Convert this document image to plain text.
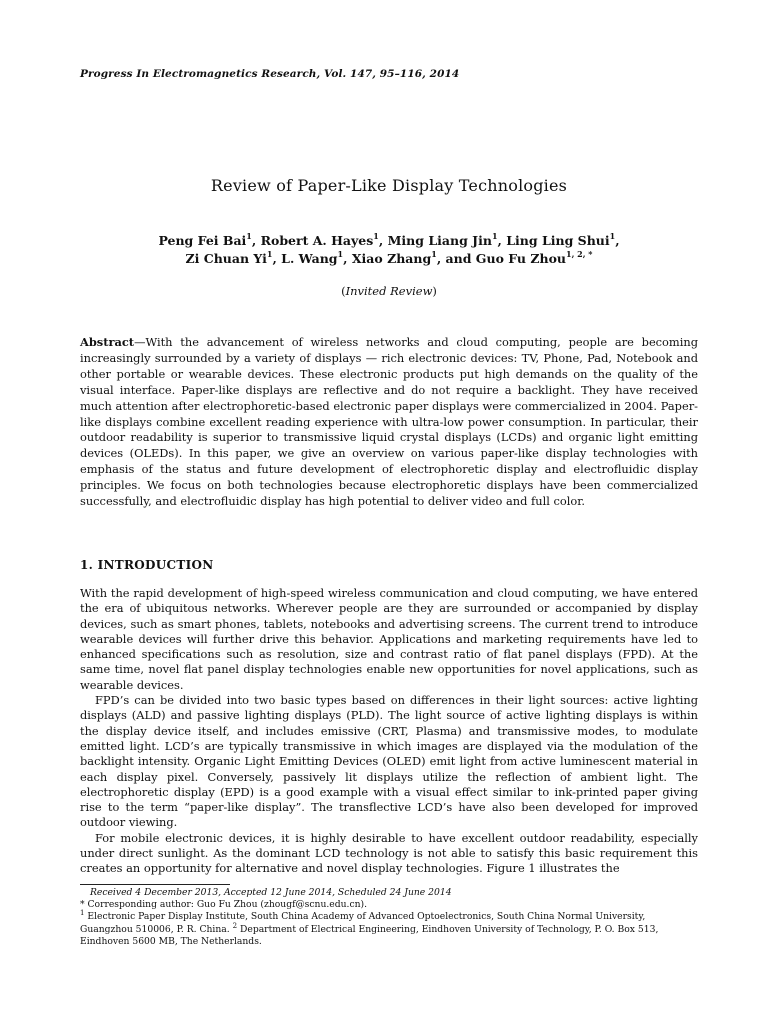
Progress In Electromagnetics Research, Vol. 147, 95–116, 2014
Review of Paper-Like Display Technologies
Peng Fei Bai$^1$, Robert A. Hayes$^1$, Ming Liang Jin$^1$, Ling Ling Shui$^1$,
Zi Chuan Yi$^1$, L. Wang$^1$, Xiao Zhang$^1$, and Guo Fu Zhou$^{1, 2, *}$
(Invited Review)
Abstract—With the advancement of wireless networks and cloud computing, people are becoming increasingly surrounded by a variety of displays — rich electronic devices: TV, Phone, Pad, Notebook and other portable or wearable devices. These electronic products put high demands on the quality of the visual interface. Paper-like displays are reflective and do not require a backlight. They have received much attention after electrophoretic-based electronic paper displays were commercialized in 2004. Paper-like displays combine excellent reading experience with ultra-low power consumption. In particular, their outdoor readability is superior to transmissive liquid crystal displays (LCDs) and organic light emitting devices (OLEDs). In this paper, we give an overview on various paper-like display technologies with emphasis of the status and future development of electrophoretic display and electrofluidic display principles. We focus on both technologies because electrophoretic displays have been commercialized successfully, and electrofluidic display has high potential to deliver video and full color.
1. INTRODUCTION

With the rapid development of high-speed wireless communication and cloud computing, we have entered the era of ubiquitous networks. Wherever people are they are surrounded or accompanied by display devices, such as smart phones, tablets, notebooks and advertising screens. The current trend to introduce wearable devices will further drive this behavior. Applications and marketing requirements have led to enhanced specifications such as resolution, size and contrast ratio of flat panel displays (FPD). At the same time, novel flat panel display technologies enable new opportunities for novel applications, such as wearable devices.

FPD’s can be divided into two basic types based on differences in their light sources: active lighting displays (ALD) and passive lighting displays (PLD). The light source of active lighting displays is within the display device itself, and includes emissive (CRT, Plasma) and transmissive modes, to modulate emitted light. LCD’s are typically transmissive in which images are displayed via the modulation of the backlight intensity. Organic Light Emitting Devices (OLED) emit light from active luminescent material in each display pixel. Conversely, passively lit displays utilize the reflection of ambient light. The electrophoretic display (EPD) is a good example with a visual effect similar to ink-printed paper giving rise to the term “paper-like display”. The transflective LCD’s have also been developed for improved outdoor viewing.

For mobile electronic devices, it is highly desirable to have excellent outdoor readability, especially under direct sunlight. As the dominant LCD technology is not able to satisfy this basic requirement this creates an opportunity for alternative and novel display technologies. Figure 1 illustrates the

Received 4 December 2013, Accepted 12 June 2014, Scheduled 24 June 2014
* Corresponding author: Guo Fu Zhou (zhougf@scnu.edu.cn).
$^1$ Electronic Paper Display Institute, South China Academy of Advanced Optoelectronics, South China Normal University, Guangzhou 510006, P. R. China. $^2$ Department of Electrical Engineering, Eindhoven University of Technology, P. O. Box 513, Eindhoven 5600 MB, The Netherlands.
